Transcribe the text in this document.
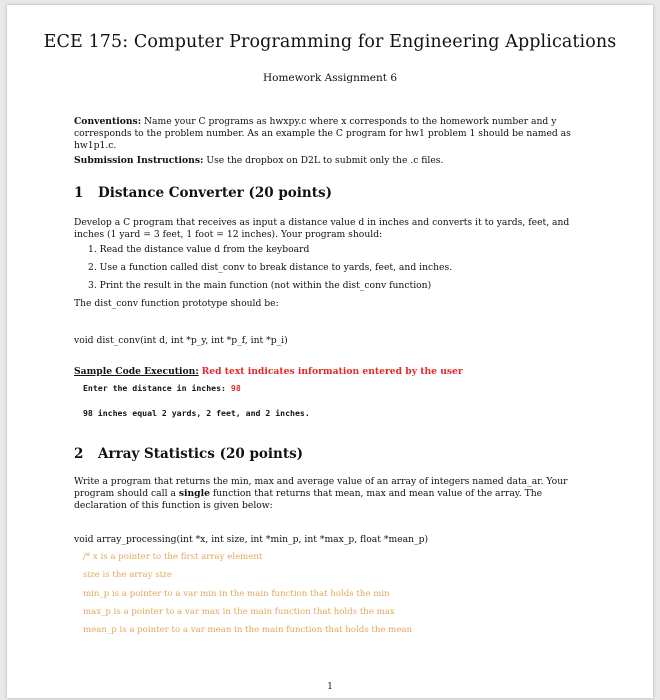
ECE 175: Computer Programming for Engineering Applications
Homework Assignment 6

Conventions: Name your C programs as hwxpy.c where x corresponds to the homework number and y corresponds to the problem number. As an example the C program for hw1 problem 1 should be named as hw1p1.c.

Submission Instructions: Use the dropbox on D2L to submit only the .c files.

1 Distance Converter (20 points)

Develop a C program that receives as input a distance value d in inches and converts it to yards, feet, and inches (1 yard = 3 feet, 1 foot = 12 inches). Your program should:

1. Read the distance value d from the keyboard
2. Use a function called dist_conv to break distance to yards, feet, and inches.
3. Print the result in the main function (not within the dist_conv function)

The dist_conv function prototype should be:

void dist_conv(int d, int *p_y, int *p_f, int *p_i)
Sample Code Execution: Red text indicates information entered by the user
Enter the distance in inches: 98
98 inches equal 2 yards, 2 feet, and 2 inches.
2 Array Statistics (20 points)
Write a program that returns the min, max and average value of an array of integers named data_ar. Your program should call a single function that returns that mean, max and mean value of the array. The declaration of this function is given below:
void array_processing(int *x, int size, int *min_p, int *max_p, float *mean_p)
/* x is a pointer to the first array element
size is the array size
min_p is a pointer to a var min in the main function that holds the min
max_p is a pointer to a var max in the main function that holds the max
mean_p is a pointer to a var mean in the main function that holds the mean
1
